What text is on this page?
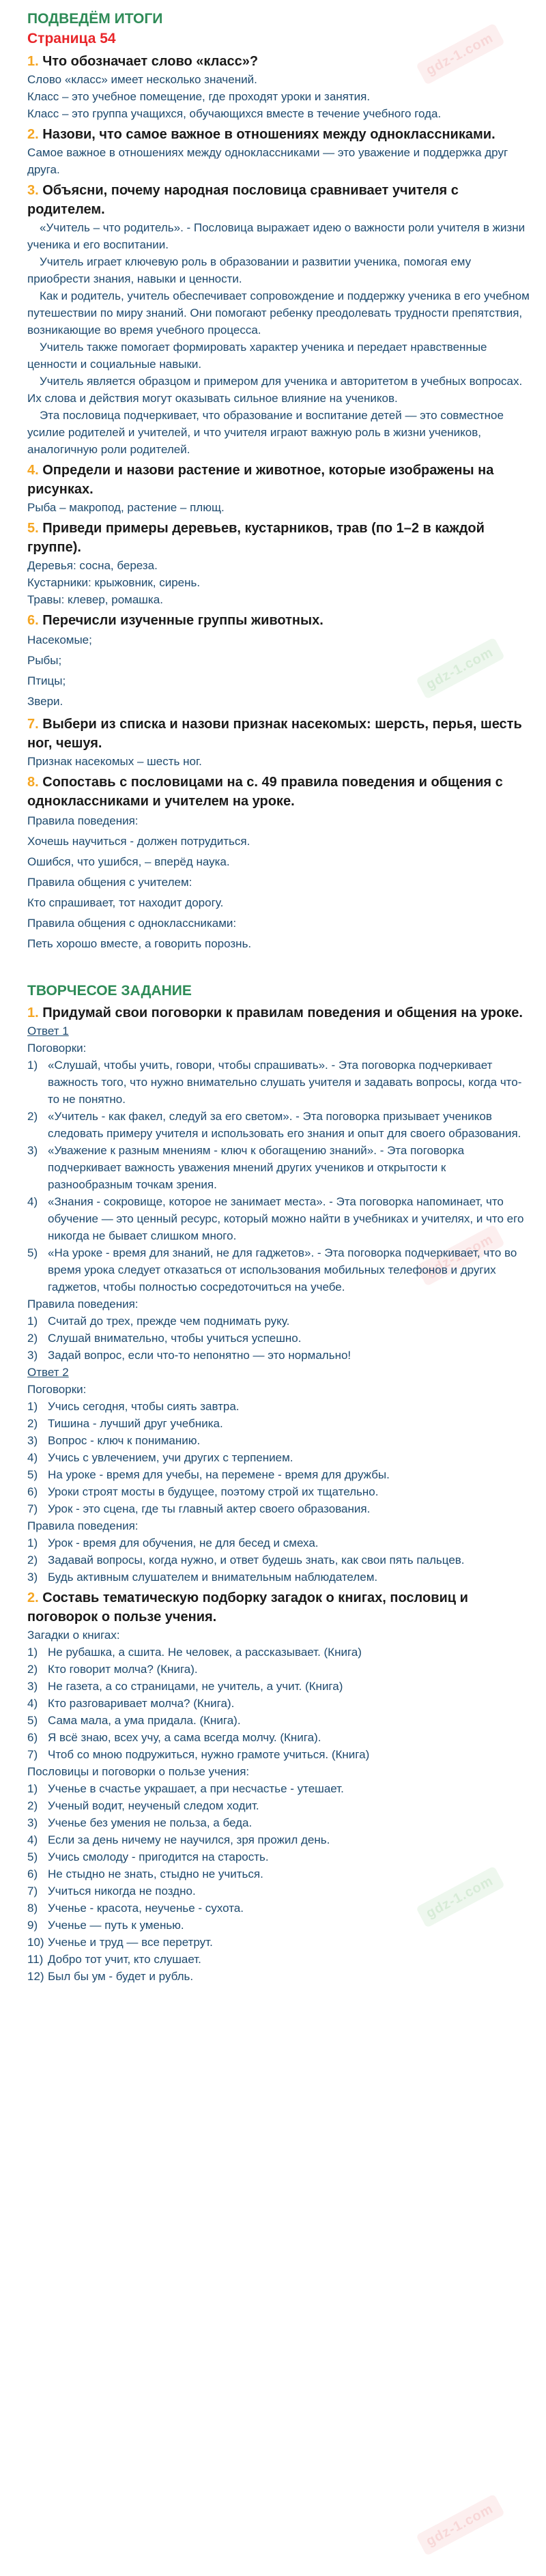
gdz-1.com
gdz-1.com
gdz-1.com
gdz-1.com
gdz-1.com
ПОДВЕДЁМ ИТОГИ
Страница 54
1. Что обозначает слово «класс»?

Слово «класс» имеет несколько значений.

Класс – это учебное помещение, где проходят уроки и занятия.

Класс – это группа учащихся, обучающихся вместе в течение учебного года.

2. Назови, что самое важное в отношениях между одноклассниками.

Самое важное в отношениях между одноклассниками — это уважение и поддержка друг друга.

3. Объясни, почему народная пословица сравнивает учителя с родителем.

«Учитель – что родитель». - Пословица выражает идею о важности роли учителя в жизни ученика и его воспитании.

Учитель играет ключевую роль в образовании и развитии ученика, помогая ему приобрести знания, навыки и ценности.

Как и родитель, учитель обеспечивает сопровождение и поддержку ученика в его учебном путешествии по миру знаний. Они помогают ребенку преодолевать трудности препятствия, возникающие во время учебного процесса.

Учитель также помогает формировать характер ученика и передает нравственные ценности и социальные навыки.

Учитель является образцом и примером для ученика и авторитетом в учебных вопросах. Их слова и действия могут оказывать сильное влияние на учеников.

Эта пословица подчеркивает, что образование и воспитание детей — это совместное усилие родителей и учителей, и что учителя играют важную роль в жизни учеников, аналогичную роли родителей.

4. Определи и назови растение и животное, которые изображены на рисунках.

Рыба – макропод, растение – плющ.

5. Приведи примеры деревьев, кустарников, трав (по 1–2 в каждой группе).

Деревья: сосна, береза.

Кустарники: крыжовник, сирень.

Травы: клевер, ромашка.

6. Перечисли изученные группы животных.

Насекомые;

Рыбы;

Птицы;

Звери.

7. Выбери из списка и назови признак насекомых: шерсть, перья, шесть ног, чешуя.

Признак насекомых – шесть ног.

8. Сопоставь с пословицами на с. 49 правила поведения и общения с одноклассниками и учителем на уроке.

Правила поведения:

Хочешь научиться - должен потрудиться.

Ошибся, что ушибся, – вперёд наука.

Правила общения с учителем:

Кто спрашивает, тот находит дорогу.

Правила общения с одноклассниками:

Петь хорошо вместе, а говорить порознь.

ТВОРЧЕСОЕ ЗАДАНИЕ
1. Придумай свои поговорки к правилам поведения и общения на уроке.
Ответ 1
Поговорки:
1) «Слушай, чтобы учить, говори, чтобы спрашивать». - Эта поговорка подчеркивает важность того, что нужно внимательно слушать учителя и задавать вопросы, когда что-то не понятно.
2) «Учитель - как факел, следуй за его светом». - Эта поговорка призывает учеников следовать примеру учителя и использовать его знания и опыт для своего образования.
3) «Уважение к разным мнениям - ключ к обогащению знаний». - Эта поговорка подчеркивает важность уважения мнений других учеников и открытости к разнообразным точкам зрения.
4) «Знания - сокровище, которое не занимает места». - Эта поговорка напоминает, что обучение — это ценный ресурс, который можно найти в учебниках и учителях, и что его никогда не бывает слишком много.
5) «На уроке - время для знаний, не для гаджетов». - Эта поговорка подчеркивает, что во время урока следует отказаться от использования мобильных телефонов и других гаджетов, чтобы полностью сосредоточиться на учебе.
Правила поведения:
1) Считай до трех, прежде чем поднимать руку.
2) Слушай внимательно, чтобы учиться успешно.
3) Задай вопрос, если что-то непонятно — это нормально!
Ответ 2
Поговорки:
1) Учись сегодня, чтобы сиять завтра.
2) Тишина - лучший друг учебника.
3) Вопрос - ключ к пониманию.
4) Учись с увлечением, учи других с терпением.
5) На уроке - время для учебы, на перемене - время для дружбы.
6) Уроки строят мосты в будущее, поэтому строй их тщательно.
7) Урок - это сцена, где ты главный актер своего образования.
Правила поведения:
1) Урок - время для обучения, не для бесед и смеха.
2) Задавай вопросы, когда нужно, и ответ будешь знать, как свои пять пальцев.
3) Будь активным слушателем и внимательным наблюдателем.
2. Составь тематическую подборку загадок о книгах, пословиц и поговорок о пользе учения.
Загадки о книгах:
1) Не рубашка, а сшита. Не человек, а рассказывает. (Книга)
2) Кто говорит молча? (Книга).
3) Не газета, а со страницами, не учитель, а учит. (Книга)
4) Кто разговаривает молча? (Книга).
5) Сама мала, а ума придала. (Книга).
6) Я всё знаю, всех учу, а сама всегда молчу. (Книга).
7) Чтоб со мною подружиться, нужно грамоте учиться. (Книга)
Пословицы и поговорки о пользе учения:
1) Ученье в счастье украшает, а при несчастье - утешает.
2) Ученый водит, неученый следом ходит.
3) Ученье без умения не польза, а беда.
4) Если за день ничему не научился, зря прожил день.
5) Учись смолоду - пригодится на старость.
6) Не стыдно не знать, стыдно не учиться.
7) Учиться никогда не поздно.
8) Ученье - красота, неученье - сухота.
9) Ученье — путь к уменью.
10) Ученье и труд — все перетрут.
11) Добро тот учит, кто слушает.
12) Был бы ум - будет и рубль.
